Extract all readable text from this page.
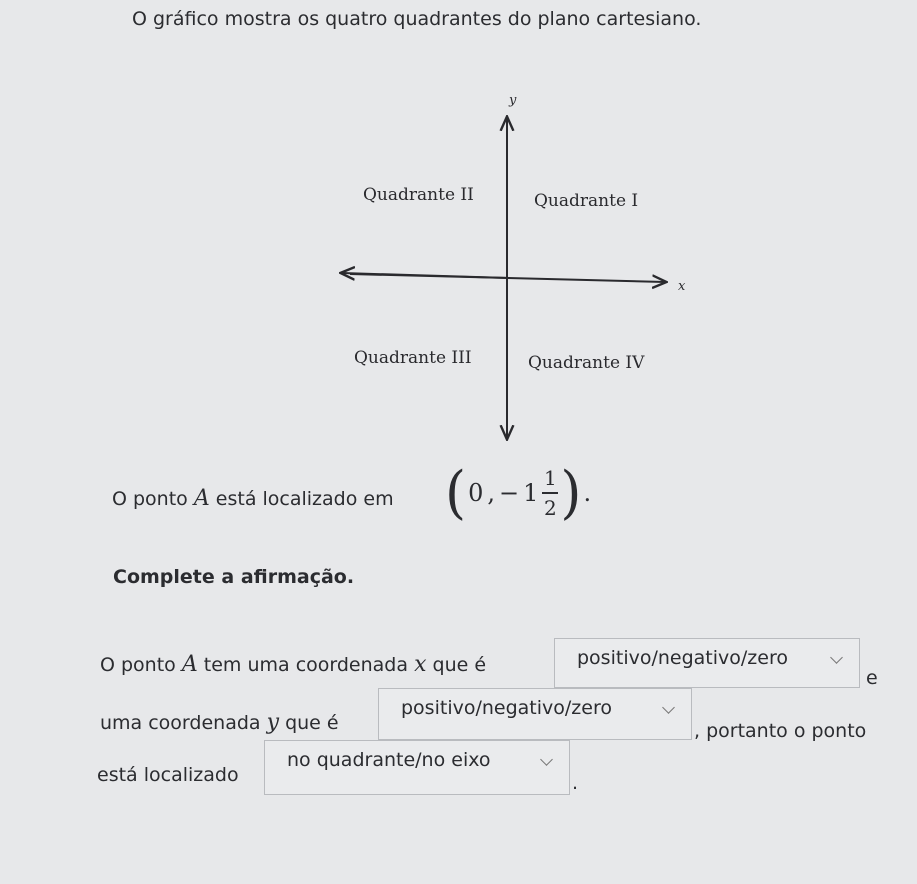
O gráfico mostra os quatro quadrantes do plano cartesiano.
y
x
Quadrante I
Quadrante II
Quadrante III	Quadrante IV
O ponto A está localizado em ( 0 , − $1 \frac{1}{2}$ ) .
Complete a afirmação.
O ponto A tem uma coordenada x que é	positivo/negativo/zero
e
uma coordenada y que é
positivo/negativo/zero
, portanto o ponto
está localizado
no quadrante/no eixo
.
